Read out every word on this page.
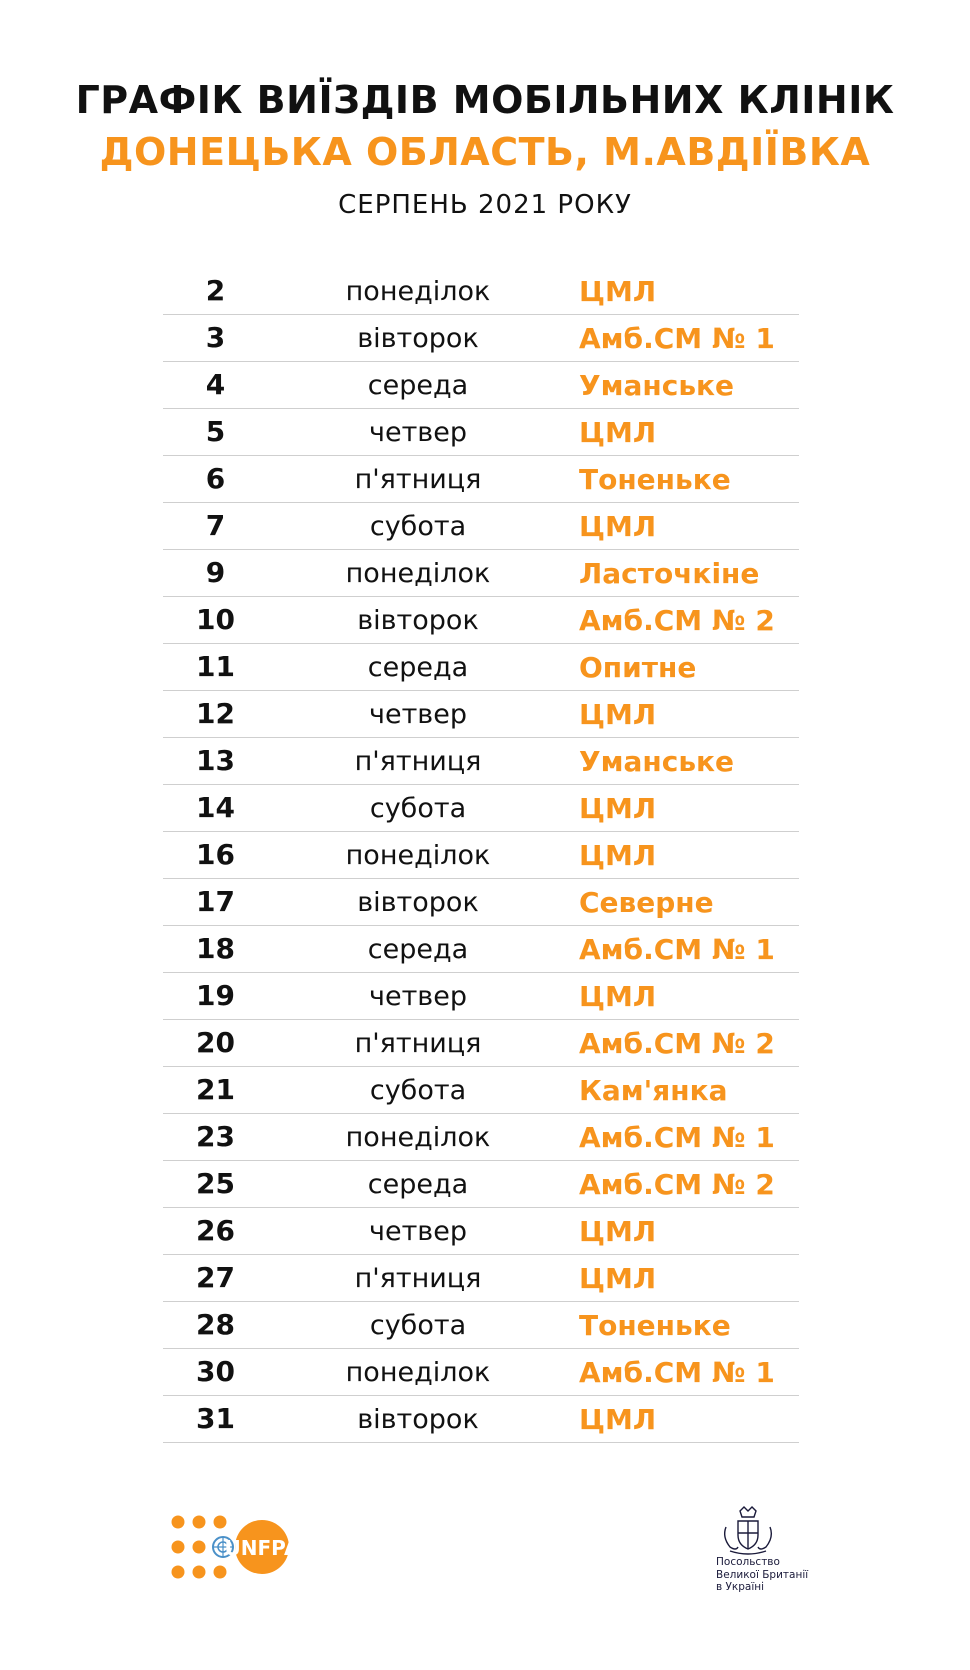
ГРАФІК ВИЇЗДІВ МОБІЛЬНИХ КЛІНІК
ДОНЕЦЬКА ОБЛАСТЬ, М.АВДІЇВКА
СЕРПЕНЬ 2021 РОКУ
2	понеділок	ЦМЛ
3	вівторок	Амб.СМ № 1
4	середа	Уманське
5	четвер	ЦМЛ
6	п'ятниця	Тоненьке
7	субота	ЦМЛ
9	понеділок	Ласточкіне
10	вівторок	Амб.СМ № 2
11	середа	Опитне
12	четвер	ЦМЛ
13	п'ятниця	Уманське
14	субота	ЦМЛ
16	понеділок	ЦМЛ
17	вівторок	Северне
18	середа	Амб.СМ № 1
19	четвер	ЦМЛ
20	п'ятниця	Амб.СМ № 2
21	субота	Кам'янка
23	понеділок	Амб.СМ № 1
25	середа	Амб.СМ № 2
26	четвер	ЦМЛ
27	п'ятниця	ЦМЛ
28	субота	Тоненьке
30	понеділок	Амб.СМ № 1
31	вівторок	ЦМЛ
UNFPA
Посольство
Великої Британії
в Україні
